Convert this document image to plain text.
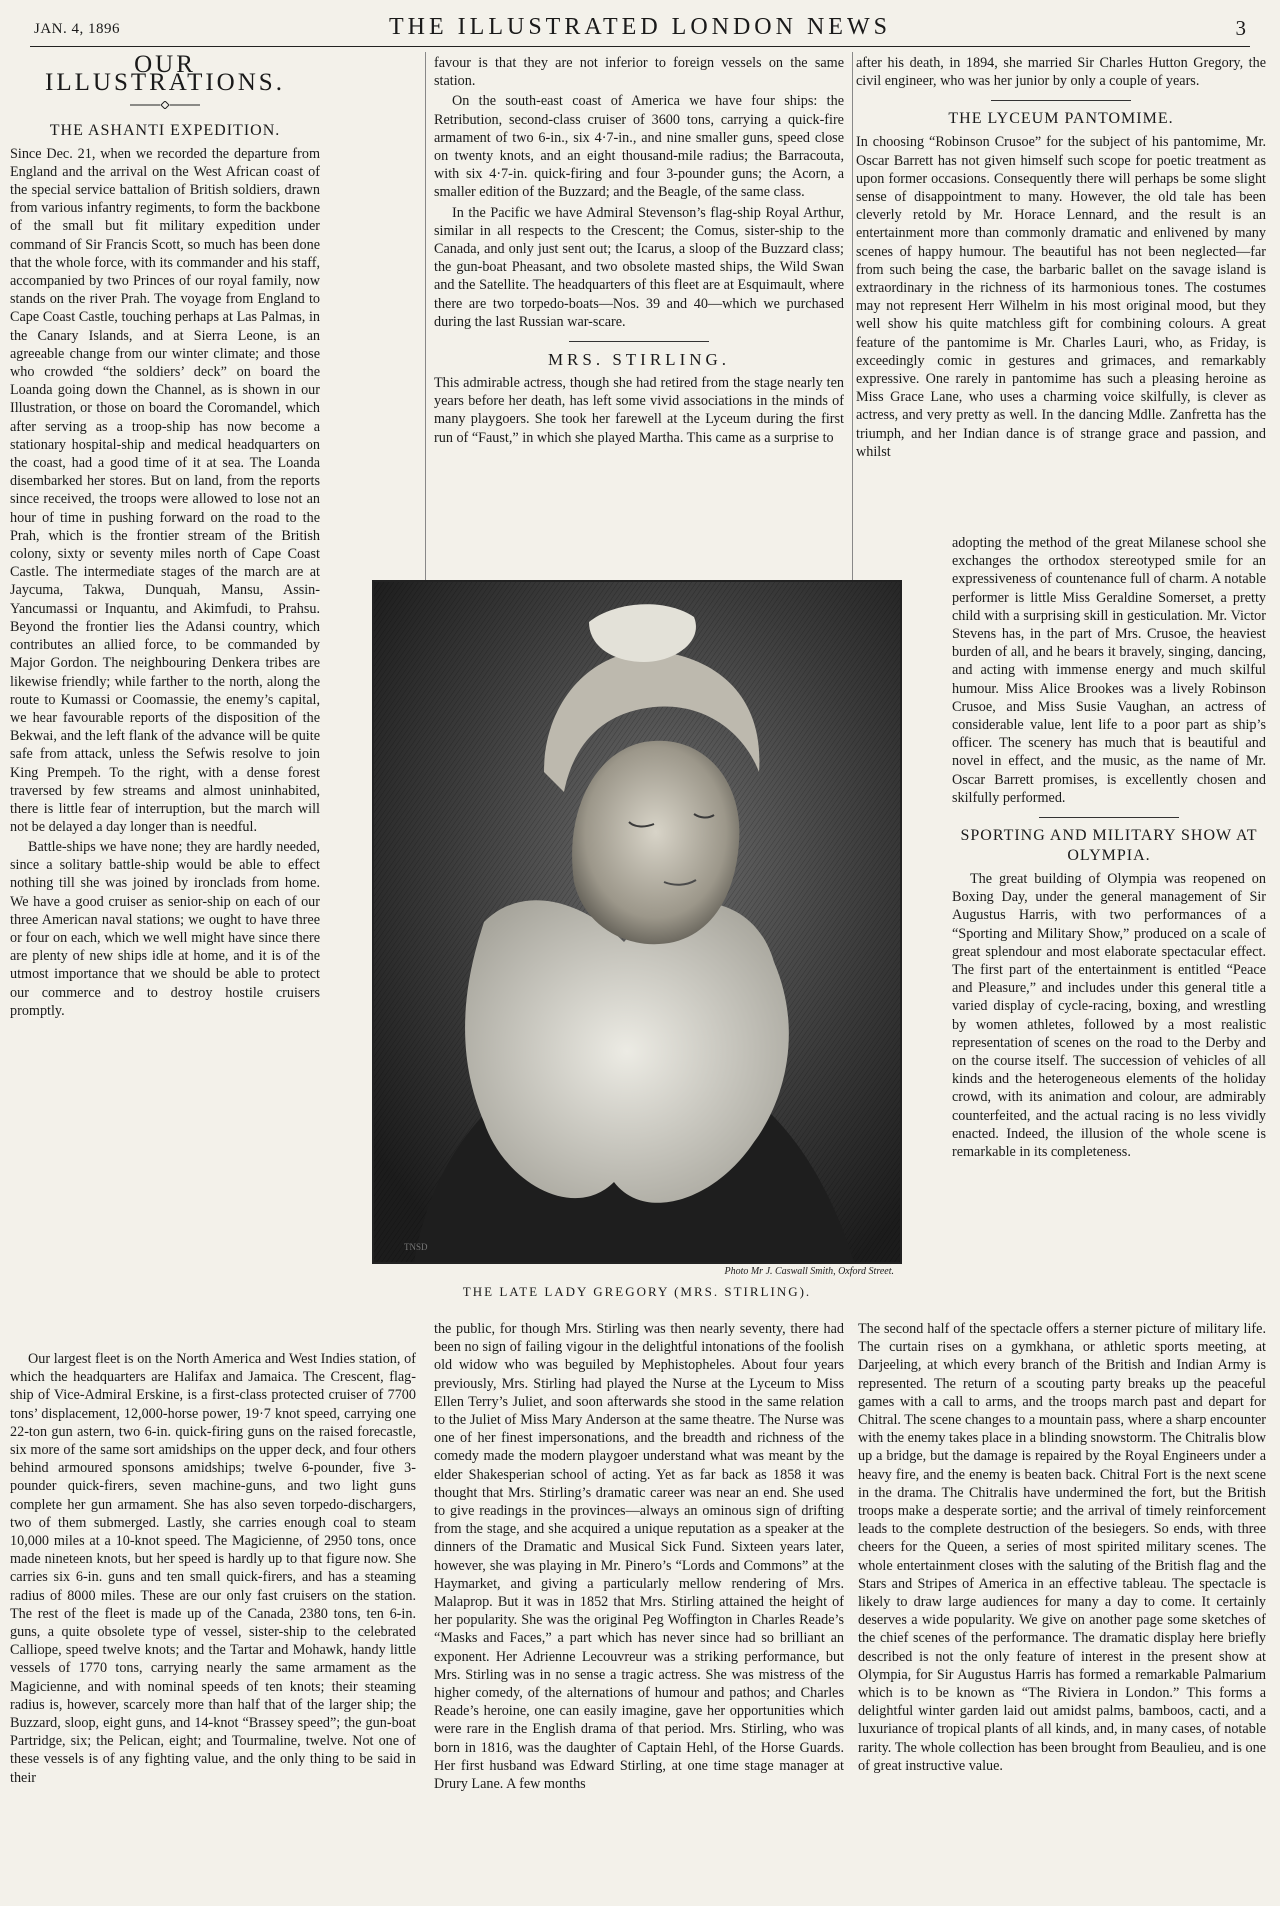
JAN. 4, 1896	THE ILLUSTRATED LONDON NEWS	3
OUR ILLUSTRATIONS.
THE ASHANTI EXPEDITION.

Since Dec. 21, when we recorded the departure from England and the arrival on the West African coast of the special service battalion of British soldiers, drawn from various infantry regiments, to form the backbone of the small but fit military expedition under command of Sir Francis Scott, so much has been done that the whole force, with its commander and his staff, accompanied by two Princes of our royal family, now stands on the river Prah. The voyage from England to Cape Coast Castle, touching perhaps at Las Palmas, in the Canary Islands, and at Sierra Leone, is an agreeable change from our winter climate; and those who crowded “the soldiers’ deck” on board the Loanda going down the Channel, as is shown in our Illustration, or those on board the Coromandel, which after serving as a troop-ship has now become a stationary hospital-ship and medical headquarters on the coast, had a good time of it at sea. The Loanda disembarked her stores. But on land, from the reports since received, the troops were allowed to lose not an hour of time in pushing forward on the road to the Prah, which is the frontier stream of the British colony, sixty or seventy miles north of Cape Coast Castle. The intermediate stages of the march are at Jaycuma, Takwa, Dunquah, Mansu, Assin-Yancumassi or Inquantu, and Akimfudi, to Prahsu. Beyond the frontier lies the Adansi country, which contributes an allied force, to be commanded by Major Gordon. The neighbouring Denkera tribes are likewise friendly; while farther to the north, along the route to Kumassi or Coomassie, the enemy’s capital, we hear favourable reports of the disposition of the Bekwai, and the left flank of the advance will be quite safe from attack, unless the Sefwis resolve to join King Prempeh. To the right, with a dense forest traversed by few streams and almost uninhabited, there is little fear of interruption, but the march will not be delayed a day longer than is needful.

Battle-ships we have none; they are hardly needed, since a solitary battle-ship would be able to effect nothing till she was joined by ironclads from home. We have a good cruiser as senior-ship on each of our three American naval stations; we ought to have three or four on each, which we well might have since there are plenty of new ships idle at home, and it is of the utmost importance that we should be able to protect our commerce and to destroy hostile cruisers promptly.

Our largest fleet is on the North America and West Indies station, of which the headquarters are Halifax and Jamaica. The Crescent, flag-ship of Vice-Admiral Erskine, is a first-class protected cruiser of 7700 tons’ displacement, 12,000-horse power, 19·7 knot speed, carrying one 22-ton gun astern, two 6-in. quick-firing guns on the raised forecastle, six more of the same sort amidships on the upper deck, and four others behind armoured sponsons amidships; twelve 6-pounder, five 3-pounder quick-firers, seven machine-guns, and two light guns complete her gun armament. She has also seven torpedo-dischargers, two of them submerged. Lastly, she carries enough coal to steam 10,000 miles at a 10-knot speed. The Magicienne, of 2950 tons, once made nineteen knots, but her speed is hardly up to that figure now. She carries six 6-in. guns and ten small quick-firers, and has a steaming radius of 8000 miles. These are our only fast cruisers on the station. The rest of the fleet is made up of the Canada, 2380 tons, ten 6-in. guns, a quite obsolete type of vessel, sister-ship to the celebrated Calliope, speed twelve knots; and the Tartar and Mohawk, handy little vessels of 1770 tons, carrying nearly the same armament as the Magicienne, and with nominal speeds of ten knots; their steaming radius is, however, scarcely more than half that of the larger ship; the Buzzard, sloop, eight guns, and 14-knot “Brassey speed”; the gun-boat Partridge, six; the Pelican, eight; and Tourmaline, twelve. Not one of these vessels is of any fighting value, and the only thing to be said in their

favour is that they are not inferior to foreign vessels on the same station.

On the south-east coast of America we have four ships: the Retribution, second-class cruiser of 3600 tons, carrying a quick-fire armament of two 6-in., six 4·7-in., and nine smaller guns, speed close on twenty knots, and an eight thousand-mile radius; the Barracouta, with six 4·7-in. quick-firing and four 3-pounder guns; the Acorn, a smaller edition of the Buzzard; and the Beagle, of the same class.

In the Pacific we have Admiral Stevenson’s flag-ship Royal Arthur, similar in all respects to the Crescent; the Comus, sister-ship to the Canada, and only just sent out; the Icarus, a sloop of the Buzzard class; the gun-boat Pheasant, and two obsolete masted ships, the Wild Swan and the Satellite. The headquarters of this fleet are at Esquimault, where there are two torpedo-boats—Nos. 39 and 40—which we purchased during the last Russian war-scare.

MRS. STIRLING.

This admirable actress, though she had retired from the stage nearly ten years before her death, has left some vivid associations in the minds of many playgoers. She took her farewell at the Lyceum during the first run of “Faust,” in which she played Martha. This came as a surprise to

the public, for though Mrs. Stirling was then nearly seventy, there had been no sign of failing vigour in the delightful intonations of the foolish old widow who was beguiled by Mephistopheles. About four years previously, Mrs. Stirling had played the Nurse at the Lyceum to Miss Ellen Terry’s Juliet, and soon afterwards she stood in the same relation to the Juliet of Miss Mary Anderson at the same theatre. The Nurse was one of her finest impersonations, and the breadth and richness of the comedy made the modern playgoer understand what was meant by the elder Shakesperian school of acting. Yet as far back as 1858 it was thought that Mrs. Stirling’s dramatic career was near an end. She used to give readings in the provinces—always an ominous sign of drifting from the stage, and she acquired a unique reputation as a speaker at the dinners of the Dramatic and Musical Sick Fund. Sixteen years later, however, she was playing in Mr. Pinero’s “Lords and Commons” at the Haymarket, and giving a particularly mellow rendering of Mrs. Malaprop. But it was in 1852 that Mrs. Stirling attained the height of her popularity. She was the original Peg Woffington in Charles Reade’s “Masks and Faces,” a part which has never since had so brilliant an exponent. Her Adrienne Lecouvreur was a striking performance, but Mrs. Stirling was in no sense a tragic actress. She was mistress of the higher comedy, of the alternations of humour and pathos; and Charles Reade’s heroine, one can easily imagine, gave her opportunities which were rare in the English drama of that period. Mrs. Stirling, who was born in 1816, was the daughter of Captain Hehl, of the Horse Guards. Her first husband was Edward Stirling, at one time stage manager at Drury Lane. A few months

after his death, in 1894, she married Sir Charles Hutton Gregory, the civil engineer, who was her junior by only a couple of years.

THE LYCEUM PANTOMIME.

In choosing “Robinson Crusoe” for the subject of his pantomime, Mr. Oscar Barrett has not given himself such scope for poetic treatment as upon former occasions. Consequently there will perhaps be some slight sense of disappointment to many. However, the old tale has been cleverly retold by Mr. Horace Lennard, and the result is an entertainment more than commonly dramatic and enlivened by many scenes of happy humour. The beautiful has not been neglected—far from such being the case, the barbaric ballet on the savage island is extraordinary in the richness of its harmonious tones. The costumes may not represent Herr Wilhelm in his most original mood, but they well show his quite matchless gift for combining colours. A great feature of the pantomime is Mr. Charles Lauri, who, as Friday, is exceedingly comic in gestures and grimaces, and remarkably expressive. One rarely in pantomime has such a pleasing heroine as Miss Grace Lane, who uses a charming voice skilfully, is clever as actress, and very pretty as well. In the dancing Mdlle. Zanfretta has the triumph, and her Indian dance is of strange grace and passion, and whilst

adopting the method of the great Milanese school she exchanges the orthodox stereotyped smile for an expressiveness of countenance full of charm. A notable performer is little Miss Geraldine Somerset, a pretty child with a surprising skill in gesticulation. Mr. Victor Stevens has, in the part of Mrs. Crusoe, the heaviest burden of all, and he bears it bravely, singing, dancing, and acting with immense energy and much skilful humour. Miss Alice Brookes was a lively Robinson Crusoe, and Miss Susie Vaughan, an actress of considerable value, lent life to a poor part as ship’s officer. The scenery has much that is beautiful and novel in effect, and the music, as the name of Mr. Oscar Barrett promises, is excellently chosen and skilfully performed.

SPORTING AND MILITARY SHOW AT OLYMPIA.

The great building of Olympia was reopened on Boxing Day, under the general management of Sir Augustus Harris, with two performances of a “Sporting and Military Show,” produced on a scale of great splendour and most elaborate spectacular effect. The first part of the entertainment is entitled “Peace and Pleasure,” and includes under this general title a varied display of cycle-racing, boxing, and wrestling by women athletes, followed by a most realistic representation of scenes on the road to the Derby and on the course itself. The succession of vehicles of all kinds and the heterogeneous elements of the holiday crowd, with its animation and colour, are admirably counterfeited, and the actual racing is no less vividly enacted. Indeed, the illusion of the whole scene is remarkable in its completeness.

The second half of the spectacle offers a sterner picture of military life. The curtain rises on a gymkhana, or athletic sports meeting, at Darjeeling, at which every branch of the British and Indian Army is represented. The return of a scouting party breaks up the peaceful games with a call to arms, and the troops march past and depart for Chitral. The scene changes to a mountain pass, where a sharp encounter with the enemy takes place in a blinding snowstorm. The Chitralis blow up a bridge, but the damage is repaired by the Royal Engineers under a heavy fire, and the enemy is beaten back. Chitral Fort is the next scene in the drama. The Chitralis have undermined the fort, but the British troops make a desperate sortie; and the arrival of timely reinforcement leads to the complete destruction of the besiegers. So ends, with three cheers for the Queen, a series of most spirited military scenes. The whole entertainment closes with the saluting of the British flag and the Stars and Stripes of America in an effective tableau. The spectacle is likely to draw large audiences for many a day to come. It certainly deserves a wide popularity. We give on another page some sketches of the chief scenes of the performance. The dramatic display here briefly described is not the only feature of interest in the present show at Olympia, for Sir Augustus Harris has formed a remarkable Palmarium which is to be known as “The Riviera in London.” This forms a delightful winter garden laid out amidst palms, bamboos, cacti, and a luxuriance of tropical plants of all kinds, and, in many cases, of notable rarity. The whole collection has been brought from Beaulieu, and is one of great instructive value.

TNSD
Photo Mr J. Caswall Smith, Oxford Street.
THE LATE LADY GREGORY (MRS. STIRLING).
